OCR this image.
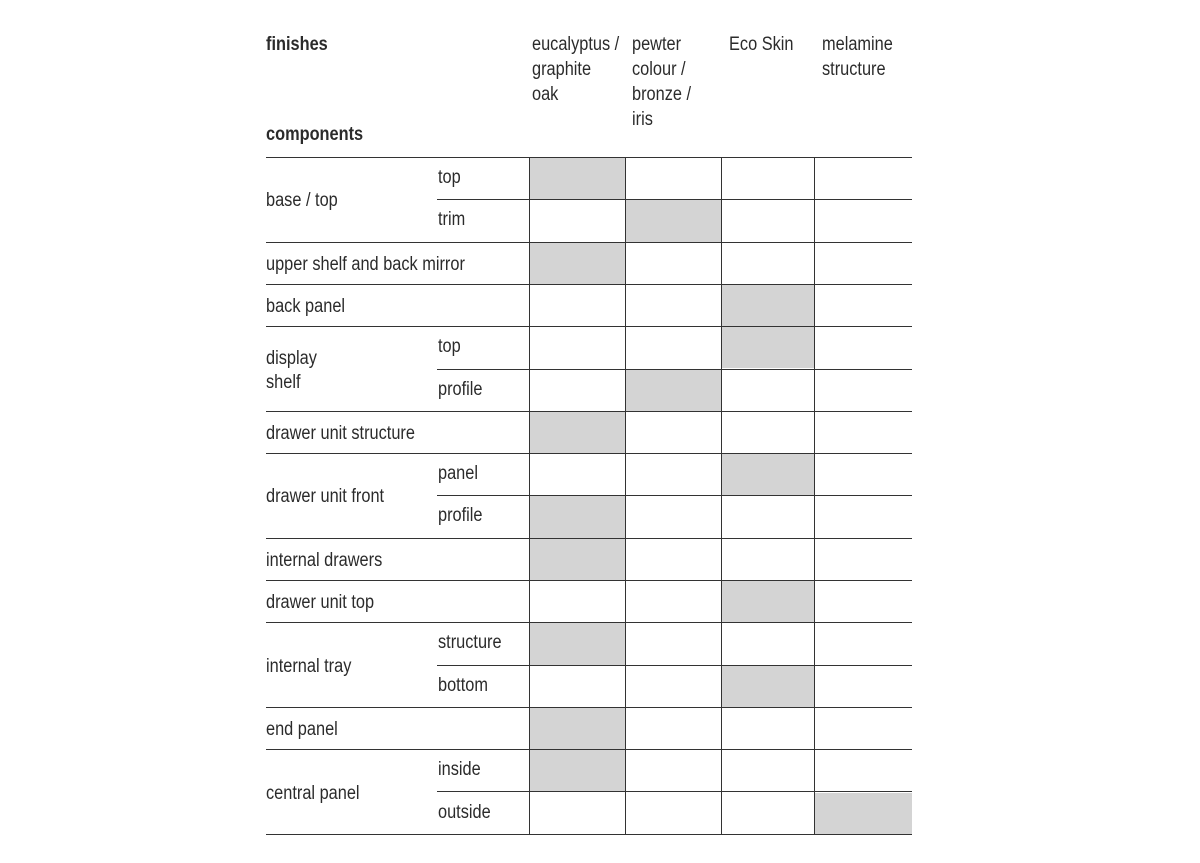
finishes
components
eucalyptus /
graphite
oak
pewter
colour /
bronze /
iris
Eco Skin melamine
structure
top
trim
base / top
upper shelf and back mirror
back panel
top
profile
display
shelf
drawer unit structure
panel
profile
drawer unit front
internal drawers
drawer unit top
structure
bottom
internal tray
end panel
inside
outside
central panel
